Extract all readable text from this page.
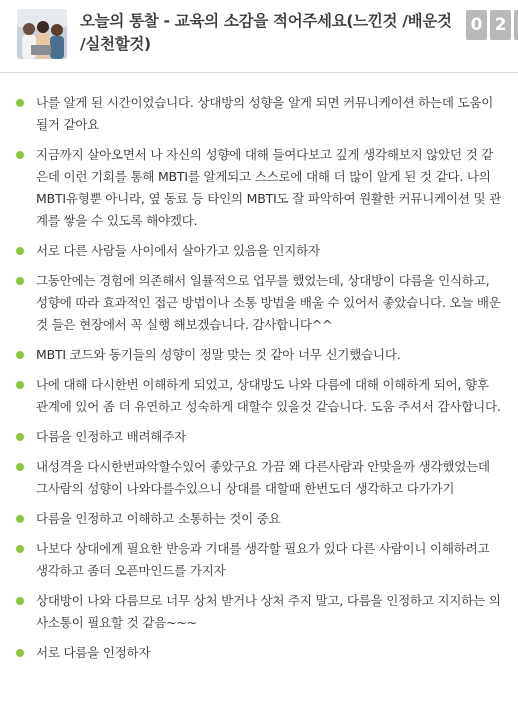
오늘의 통찰 - 교육의 소감을 적어주세요(느낀것 /배운것 /실천할것)
0 2
나를 알게 된 시간이었습니다. 상대방의 성향을 알게 되면 커뮤니케이션 하는데 도움이 될거 같아요
지금까지 살아오면서 나 자신의 성향에 대해 들여다보고 깊게 생각해보지 않았던 것 같은데 이런 기회를 통해 MBTI를 알게되고 스스로에 대해 더 많이 알게 된 것 같다. 나의 MBTI유형뿐 아니라, 옆 동료 등 타인의 MBTI도 잘 파악하여 원활한 커뮤니케이션 및 관계를 쌓을 수 있도록 해야겠다.
서로 다른 사람들 사이에서 살아가고 있음을 인지하자
그동안에는 경험에 의존해서 일률적으로 업무를 했었는데, 상대방이 다름을 인식하고, 성향에 따라 효과적인 접근 방법이나 소통 방법을 배울 수 있어서 좋았습니다. 오늘 배운 것 들은 현장에서 꼭 실행 해보겠습니다. 감사합니다^^
MBTI 코드와 동기들의 성향이 정말 맞는 것 같아 너무 신기했습니다.
나에 대해 다시한번 이해하게 되었고, 상대방도 나와 다름에 대해 이해하게 되어, 향후 관계에 있어 좀 더 유연하고 성숙하게 대할수 있을것 같습니다. 도움 주셔서 감사합니다.
다름을 인정하고 배려해주자
내성격을 다시한번파악할수있어 좋았구요 가끔 왜 다른사람과 안맞을까 생각했었는데 그사람의 성향이 나와다를수있으니 상대를 대할때 한번도더 생각하고 다가가기
다름을 인정하고 이해하고 소통하는 것이 중요
나보다 상대에게 필요한 반응과 기대를 생각할 필요가 있다 다른 사람이니 이해하려고 생각하고 좀더 오픈마인드를 가지자
상대방이 나와 다름므로 너무 상처 받거나 상처 주지 말고, 다름을 인정하고 지지하는 의사소통이 필요할 것 같음~~~
서로 다름을 인정하자
